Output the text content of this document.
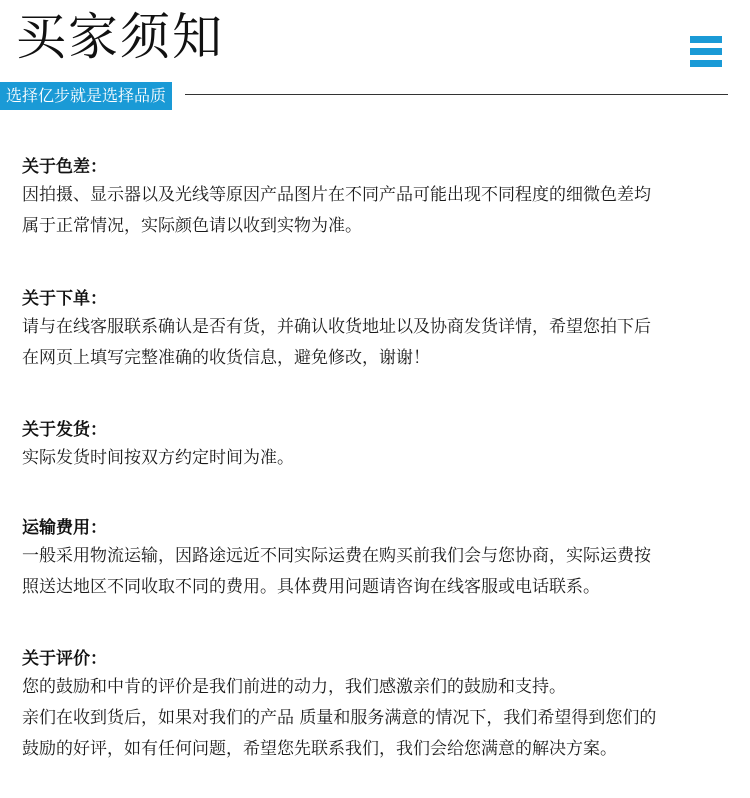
买家须知
选择亿步就是选择品质
关于色差：
因拍摄、显示器以及光线等原因产品图片在不同产品可能出现不同程度的细微色差均
属于正常情况，实际颜色请以收到实物为准。
关于下单：
请与在线客服联系确认是否有货，并确认收货地址以及协商发货详情，希望您拍下后
在网页上填写完整准确的收货信息，避免修改，谢谢！
关于发货：
实际发货时间按双方约定时间为准。
运输费用：
一般采用物流运输，因路途远近不同实际运费在购买前我们会与您协商，实际运费按
照送达地区不同收取不同的费用。具体费用问题请咨询在线客服或电话联系。
关于评价：
您的鼓励和中肯的评价是我们前进的动力，我们感激亲们的鼓励和支持。
亲们在收到货后，如果对我们的产品 质量和服务满意的情况下，我们希望得到您们的
鼓励的好评，如有任何问题，希望您先联系我们，我们会给您满意的解决方案。
